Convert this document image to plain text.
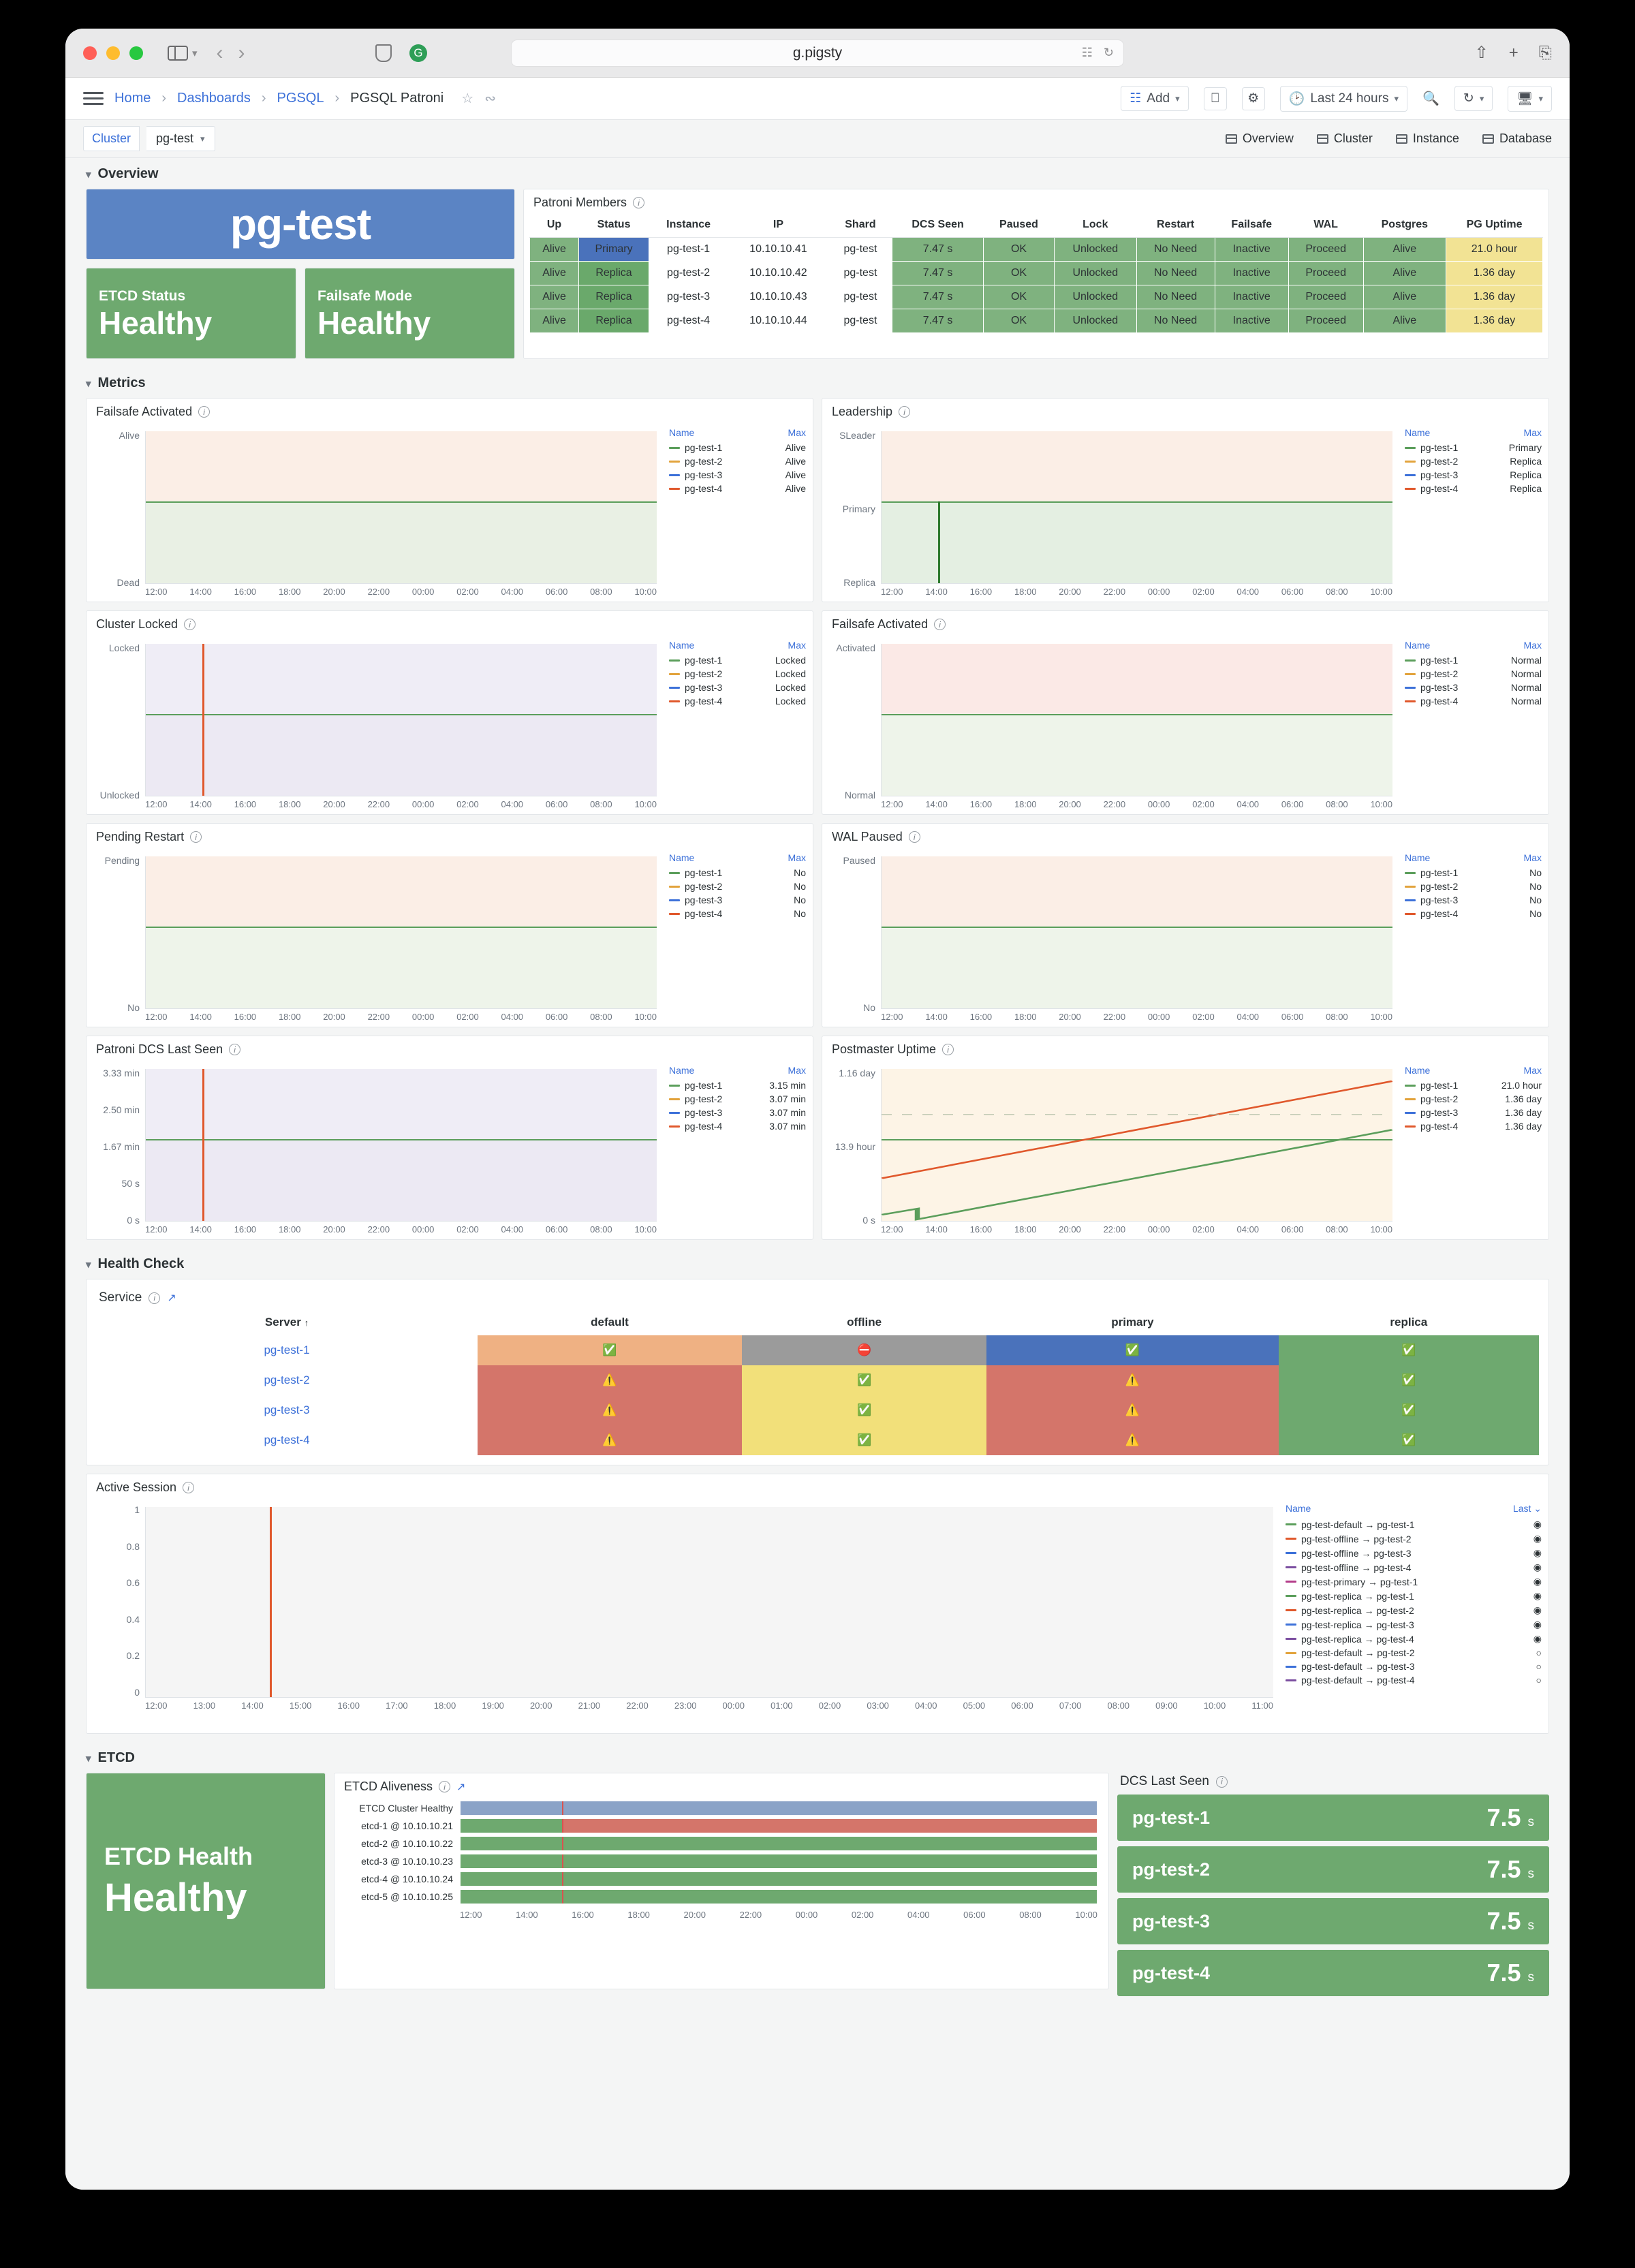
▾ ‹ ›	G	g.pigsty	☷ ↻	⇧ + ⎘
Home › Dashboards › PGSQL › PGSQL Patroni ☆ ∾	☷ Add ▾	⎕	⚙	🕑 Last 24 hours ▾ 🔍 ↻ ▾	🖥 ▾
Cluster	pg-test ▾	Overview	Cluster	Instance	Database
▾ Overview
pg-test
ETCD Status
Healthy
Failsafe Mode
Healthy
Patroni Members	i
Up	Status	Instance	IP	Shard	DCS Seen	Paused	Lock	Restart	Failsafe	WAL	Postgres	PG Uptime
Alive	Primary	pg-test-1	10.10.10.41	pg-test	7.47 s	OK	Unlocked	No Need	Inactive	Proceed	Alive	21.0 hour
Alive	Replica	pg-test-2	10.10.10.42	pg-test	7.47 s	OK	Unlocked	No Need	Inactive	Proceed	Alive	1.36 day
Alive	Replica	pg-test-3	10.10.10.43	pg-test	7.47 s	OK	Unlocked	No Need	Inactive	Proceed	Alive	1.36 day
Alive	Replica	pg-test-4	10.10.10.44	pg-test	7.47 s	OK	Unlocked	No Need	Inactive	Proceed	Alive	1.36 day
▾ Metrics
Failsafe Activated	i
Alive
Dead
12:00	14:00	16:00	18:00	20:00	22:00	00:00	02:00	04:00	06:00	08:00	10:00
Name	Max
pg-test-1	Alive
pg-test-2	Alive
pg-test-3	Alive
pg-test-4	Alive
Leadership	i
SLeader
Primary
Replica
12:00	14:00	16:00	18:00	20:00	22:00	00:00	02:00	04:00	06:00	08:00	10:00
Name	Max
pg-test-1	Primary
pg-test-2	Replica
pg-test-3	Replica
pg-test-4	Replica
Cluster Locked	i
Locked
Unlocked
12:00	14:00	16:00	18:00	20:00	22:00	00:00	02:00	04:00	06:00	08:00	10:00
Name	Max
pg-test-1	Locked
pg-test-2	Locked
pg-test-3	Locked
pg-test-4	Locked
Failsafe Activated	i
Activated
Normal
12:00	14:00	16:00	18:00	20:00	22:00	00:00	02:00	04:00	06:00	08:00	10:00
Name	Max
pg-test-1	Normal
pg-test-2	Normal
pg-test-3	Normal
pg-test-4	Normal
Pending Restart	i
Pending
No
12:00	14:00	16:00	18:00	20:00	22:00	00:00	02:00	04:00	06:00	08:00	10:00
Name	Max
pg-test-1	No
pg-test-2	No
pg-test-3	No
pg-test-4	No
WAL Paused	i
Paused
No
12:00	14:00	16:00	18:00	20:00	22:00	00:00	02:00	04:00	06:00	08:00	10:00
Name	Max
pg-test-1	No
pg-test-2	No
pg-test-3	No
pg-test-4	No
Patroni DCS Last Seen	i
3.33 min
2.50 min
1.67 min
50 s
0 s
12:00	14:00	16:00	18:00	20:00	22:00	00:00	02:00	04:00	06:00	08:00	10:00
Name	Max
pg-test-1	3.15 min
pg-test-2	3.07 min
pg-test-3	3.07 min
pg-test-4	3.07 min
Postmaster Uptime	i
1.16 day
13.9 hour
0 s
12:00	14:00	16:00	18:00	20:00	22:00	00:00	02:00	04:00	06:00	08:00	10:00
Name	Max
pg-test-1	21.0 hour
pg-test-2	1.36 day
pg-test-3	1.36 day
pg-test-4	1.36 day
▾ Health Check
Service	i	↗
Server ↑	default	offline	primary	replica
pg-test-1	✅	⛔	✅	✅
pg-test-2	⚠️	✅	⚠️	✅
pg-test-3	⚠️	✅	⚠️	✅
pg-test-4	⚠️	✅	⚠️	✅
Active Session	i
1
0.8
0.6
0.4
0.2
0
12:00	13:00	14:00	15:00	16:00	17:00	18:00	19:00	20:00	21:00	22:00	23:00	00:00	01:00	02:00	03:00	04:00	05:00	06:00	07:00	08:00	09:00	10:00	11:00
Name	Last ⌄
pg-test-default → pg-test-1	◉
pg-test-offline → pg-test-2	◉
pg-test-offline → pg-test-3	◉
pg-test-offline → pg-test-4	◉
pg-test-primary → pg-test-1	◉
pg-test-replica → pg-test-1	◉
pg-test-replica → pg-test-2	◉
pg-test-replica → pg-test-3	◉
pg-test-replica → pg-test-4	◉
pg-test-default → pg-test-2	○
pg-test-default → pg-test-3	○
pg-test-default → pg-test-4	○
▾ ETCD
ETCD Health
Healthy
ETCD Aliveness	i	↗
ETCD Cluster Healthy
etcd-1 @ 10.10.10.21
etcd-2 @ 10.10.10.22
etcd-3 @ 10.10.10.23
etcd-4 @ 10.10.10.24
etcd-5 @ 10.10.10.25
12:00	14:00	16:00	18:00	20:00	22:00	00:00	02:00	04:00	06:00	08:00	10:00
DCS Last Seen	i
pg-test-1	7.5 s
pg-test-2	7.5 s
pg-test-3	7.5 s
pg-test-4	7.5 s
